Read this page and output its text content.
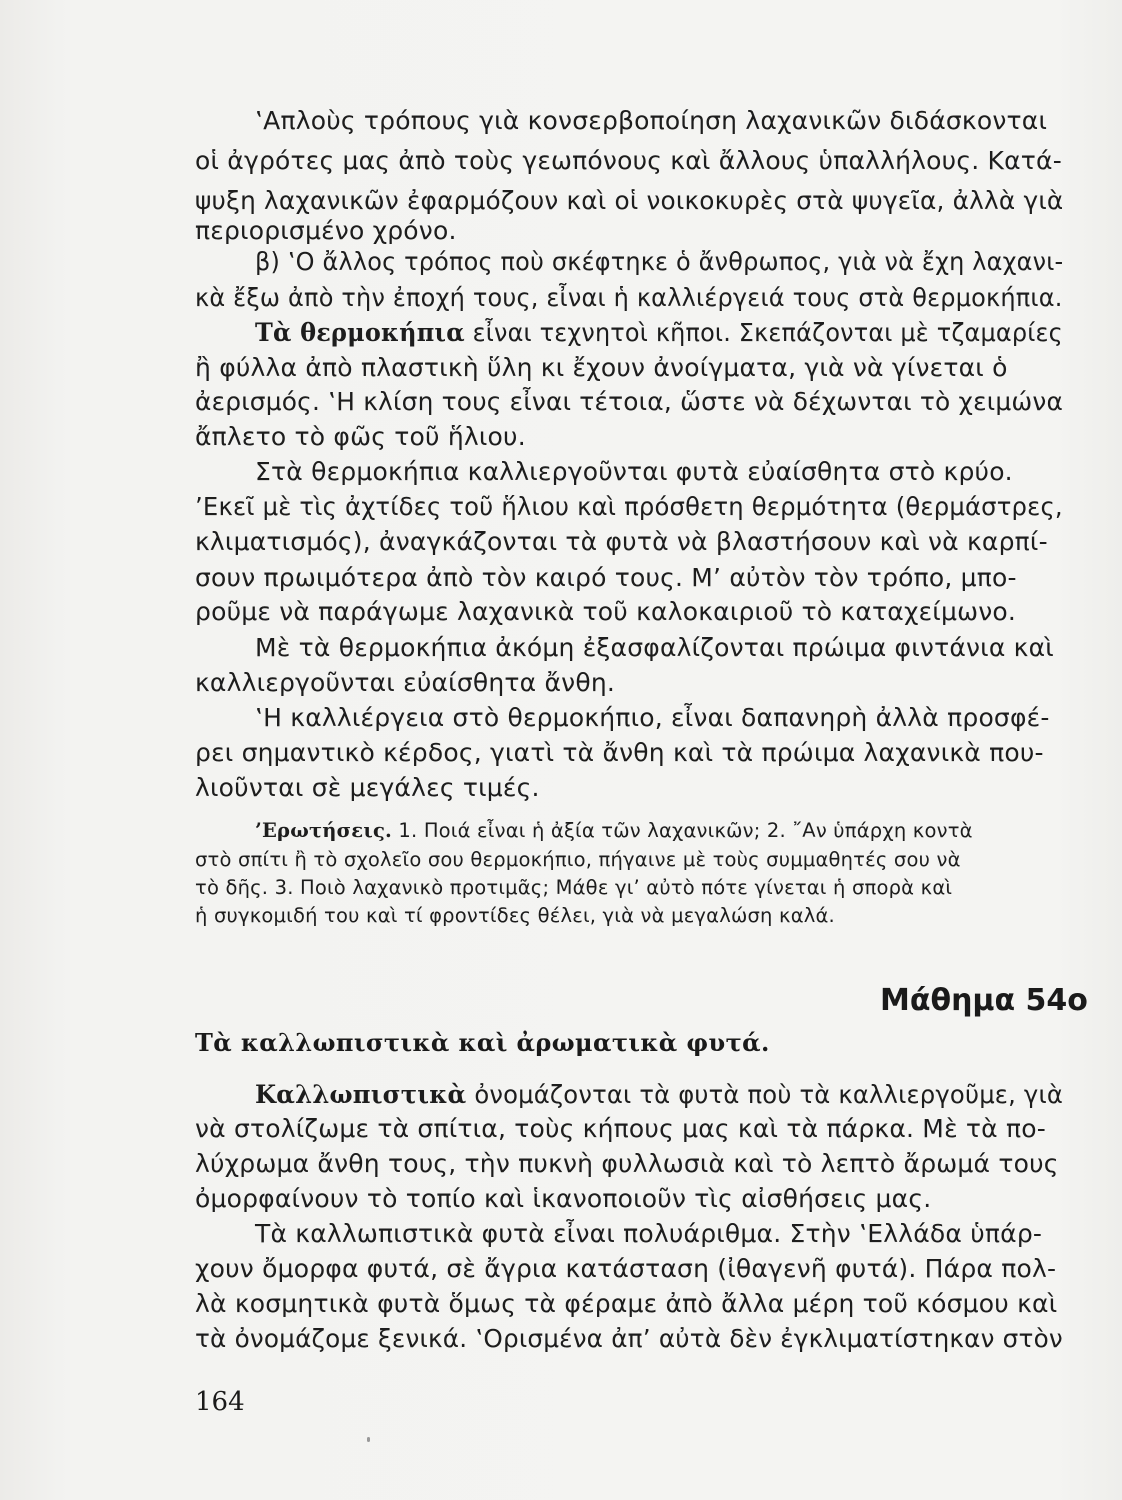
‛Απλοὺς τρόπους γιὰ κονσερβοποίηση λαχανικῶν διδάσκονται
οἱ ἀγρότες μας ἀπὸ τοὺς γεωπόνους καὶ ἄλλους ὑπαλλήλους. Κατά-
ψυξη λαχανικῶν ἐφαρμόζουν καὶ οἱ νοικοκυρὲς στὰ ψυγεῖα, ἀλλὰ γιὰ
περιορισμένο χρόνο.
β) ‛Ο ἄλλος τρόπος ποὺ σκέφτηκε ὁ ἄνθρωπος, γιὰ νὰ ἔχη λαχανι-
κὰ ἔξω ἀπὸ τὴν ἐποχή τους, εἶναι ἡ καλλιέργειά τους στὰ θερμοκήπια.
Τὰ θερμοκήπια εἶναι τεχνητοὶ κῆποι. Σκεπάζονται μὲ τζαμαρίες
ἢ φύλλα ἀπὸ πλαστικὴ ὕλη κι ἔχουν ἀνοίγματα, γιὰ νὰ γίνεται ὁ
ἀερισμός. ‛Η κλίση τους εἶναι τέτοια, ὥστε νὰ δέχωνται τὸ χειμώνα
ἄπλετο τὸ φῶς τοῦ ἥλιου.
Στὰ θερμοκήπια καλλιεργοῦνται φυτὰ εὐαίσθητα στὸ κρύο.
’Εκεῖ μὲ τὶς ἀχτίδες τοῦ ἥλιου καὶ πρόσθετη θερμότητα (θερμάστρες,
κλιματισμός), ἀναγκάζονται τὰ φυτὰ νὰ βλαστήσουν καὶ νὰ καρπί-
σουν πρωιμότερα ἀπὸ τὸν καιρό τους. Μ’ αὐτὸν τὸν τρόπο, μπο-
ροῦμε νὰ παράγωμε λαχανικὰ τοῦ καλοκαιριοῦ τὸ καταχείμωνο.
Μὲ τὰ θερμοκήπια ἀκόμη ἐξασφαλίζονται πρώιμα φιντάνια καὶ
καλλιεργοῦνται εὐαίσθητα ἄνθη.
‛Η καλλιέργεια στὸ θερμοκήπιο, εἶναι δαπανηρὴ ἀλλὰ προσφέ-
ρει σημαντικὸ κέρδος, γιατὶ τὰ ἄνθη καὶ τὰ πρώιμα λαχανικὰ που-
λιοῦνται σὲ μεγάλες τιμές.
’Ερωτήσεις. 1. Ποιά εἶναι ἡ ἀξία τῶν λαχανικῶν; 2. ῎Αν ὑπάρχη κοντὰ
στὸ σπίτι ἢ τὸ σχολεῖο σου θερμοκήπιο, πήγαινε μὲ τοὺς συμμαθητές σου νὰ
τὸ δῆς. 3. Ποιὸ λαχανικὸ προτιμᾶς; Μάθε γι’ αὐτὸ πότε γίνεται ἡ σπορὰ καὶ
ἡ συγκομιδή του καὶ τί φροντίδες θέλει, γιὰ νὰ μεγαλώση καλά.
Μάθημα 54ο
Τὰ καλλωπιστικὰ καὶ ἀρωματικὰ φυτά.
Καλλωπιστικὰ ὀνομάζονται τὰ φυτὰ ποὺ τὰ καλλιεργοῦμε, γιὰ
νὰ στολίζωμε τὰ σπίτια, τοὺς κήπους μας καὶ τὰ πάρκα. Μὲ τὰ πο-
λύχρωμα ἄνθη τους, τὴν πυκνὴ φυλλωσιὰ καὶ τὸ λεπτὸ ἄρωμά τους
ὀμορφαίνουν τὸ τοπίο καὶ ἱκανοποιοῦν τὶς αἰσθήσεις μας.
Τὰ καλλωπιστικὰ φυτὰ εἶναι πολυάριθμα. Στὴν ‛Ελλάδα ὑπάρ-
χουν ὄμορφα φυτά, σὲ ἄγρια κατάσταση (ἰθαγενῆ φυτά). Πάρα πολ-
λὰ κοσμητικὰ φυτὰ ὅμως τὰ φέραμε ἀπὸ ἄλλα μέρη τοῦ κόσμου καὶ
τὰ ὀνομάζομε ξενικά. ‛Ορισμένα ἀπ’ αὐτὰ δὲν ἐγκλιματίστηκαν στὸν
164
